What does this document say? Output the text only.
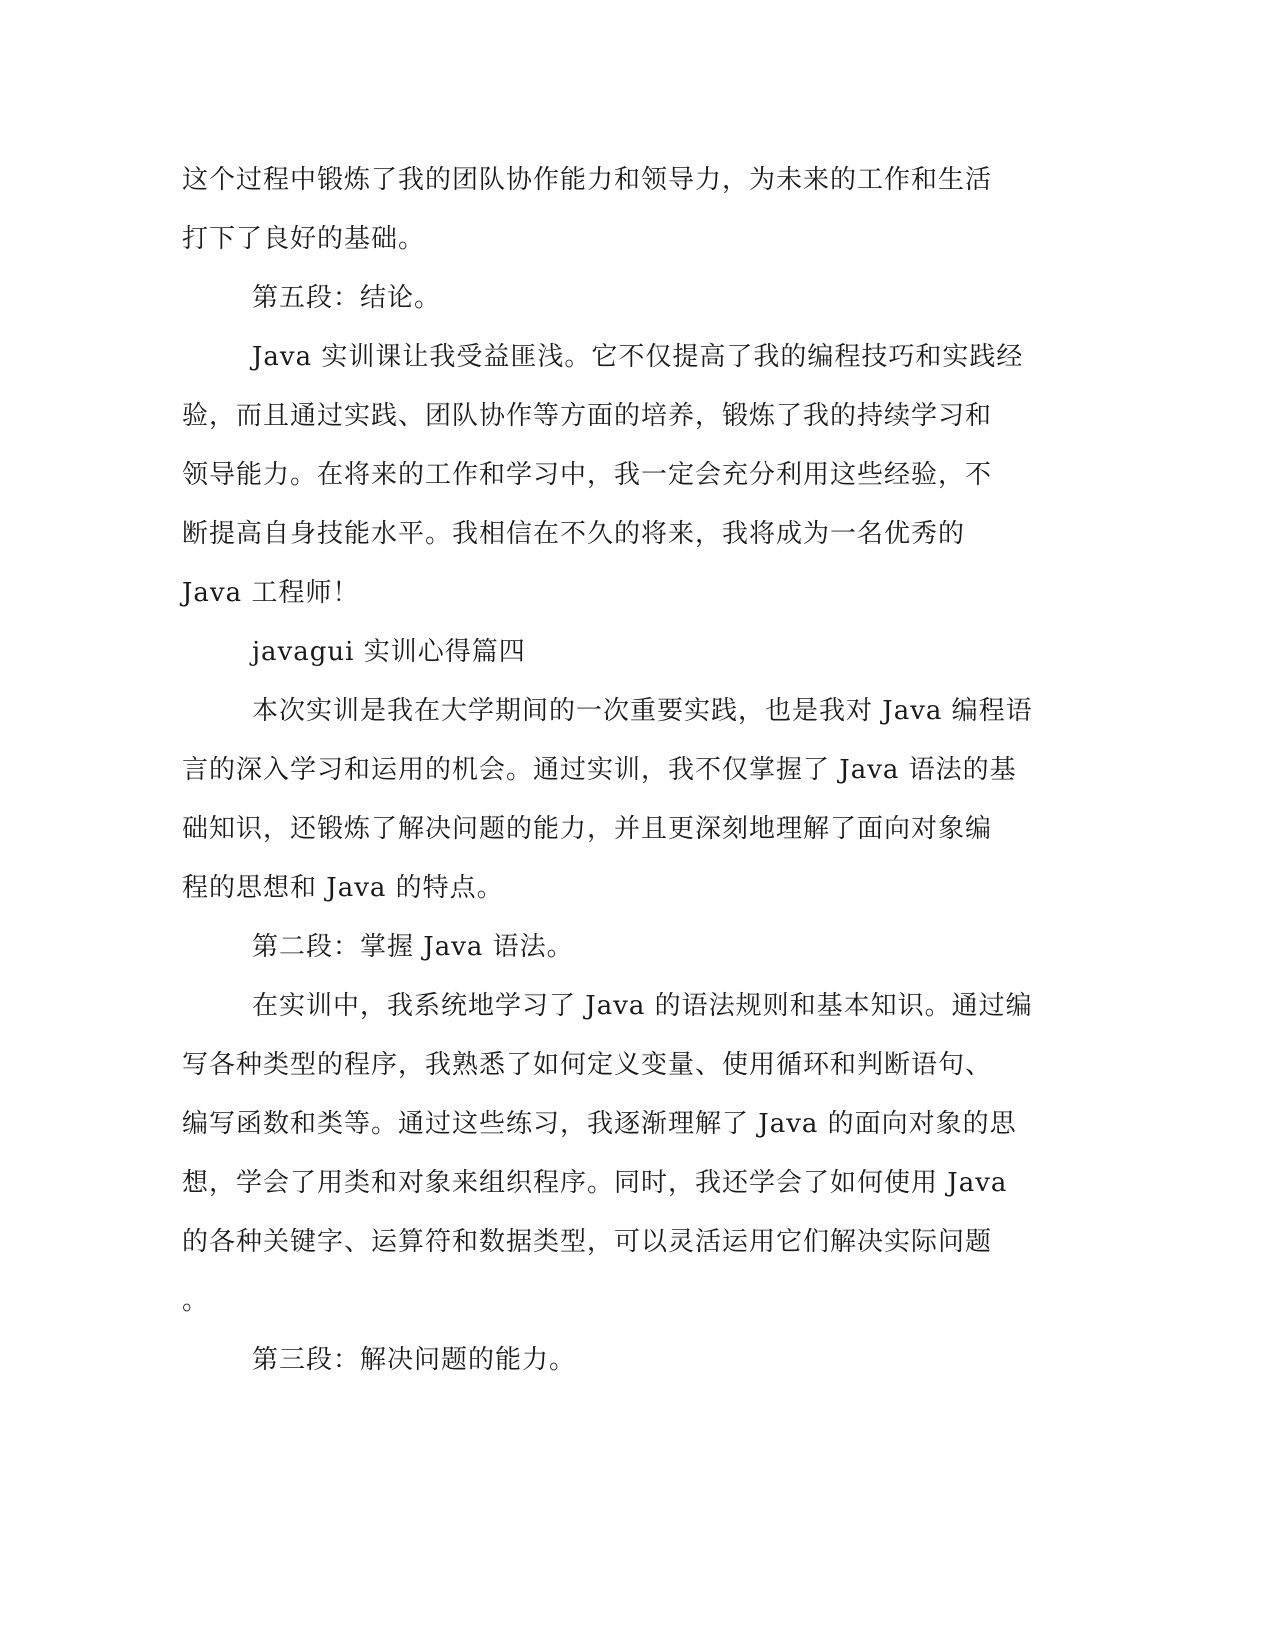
这个过程中锻炼了我的团队协作能力和领导力，为未来的工作和生活
打下了良好的基础。
第五段：结论。
Java 实训课让我受益匪浅。它不仅提高了我的编程技巧和实践经
验，而且通过实践、团队协作等方面的培养，锻炼了我的持续学习和
领导能力。在将来的工作和学习中，我一定会充分利用这些经验，不
断提高自身技能水平。我相信在不久的将来，我将成为一名优秀的
Java 工程师！
javagui 实训心得篇四
本次实训是我在大学期间的一次重要实践，也是我对 Java 编程语
言的深入学习和运用的机会。通过实训，我不仅掌握了 Java 语法的基
础知识，还锻炼了解决问题的能力，并且更深刻地理解了面向对象编
程的思想和 Java 的特点。
第二段：掌握 Java 语法。
在实训中，我系统地学习了 Java 的语法规则和基本知识。通过编
写各种类型的程序，我熟悉了如何定义变量、使用循环和判断语句、
编写函数和类等。通过这些练习，我逐渐理解了 Java 的面向对象的思
想，学会了用类和对象来组织程序。同时，我还学会了如何使用 Java
的各种关键字、运算符和数据类型，可以灵活运用它们解决实际问题
。
第三段：解决问题的能力。
